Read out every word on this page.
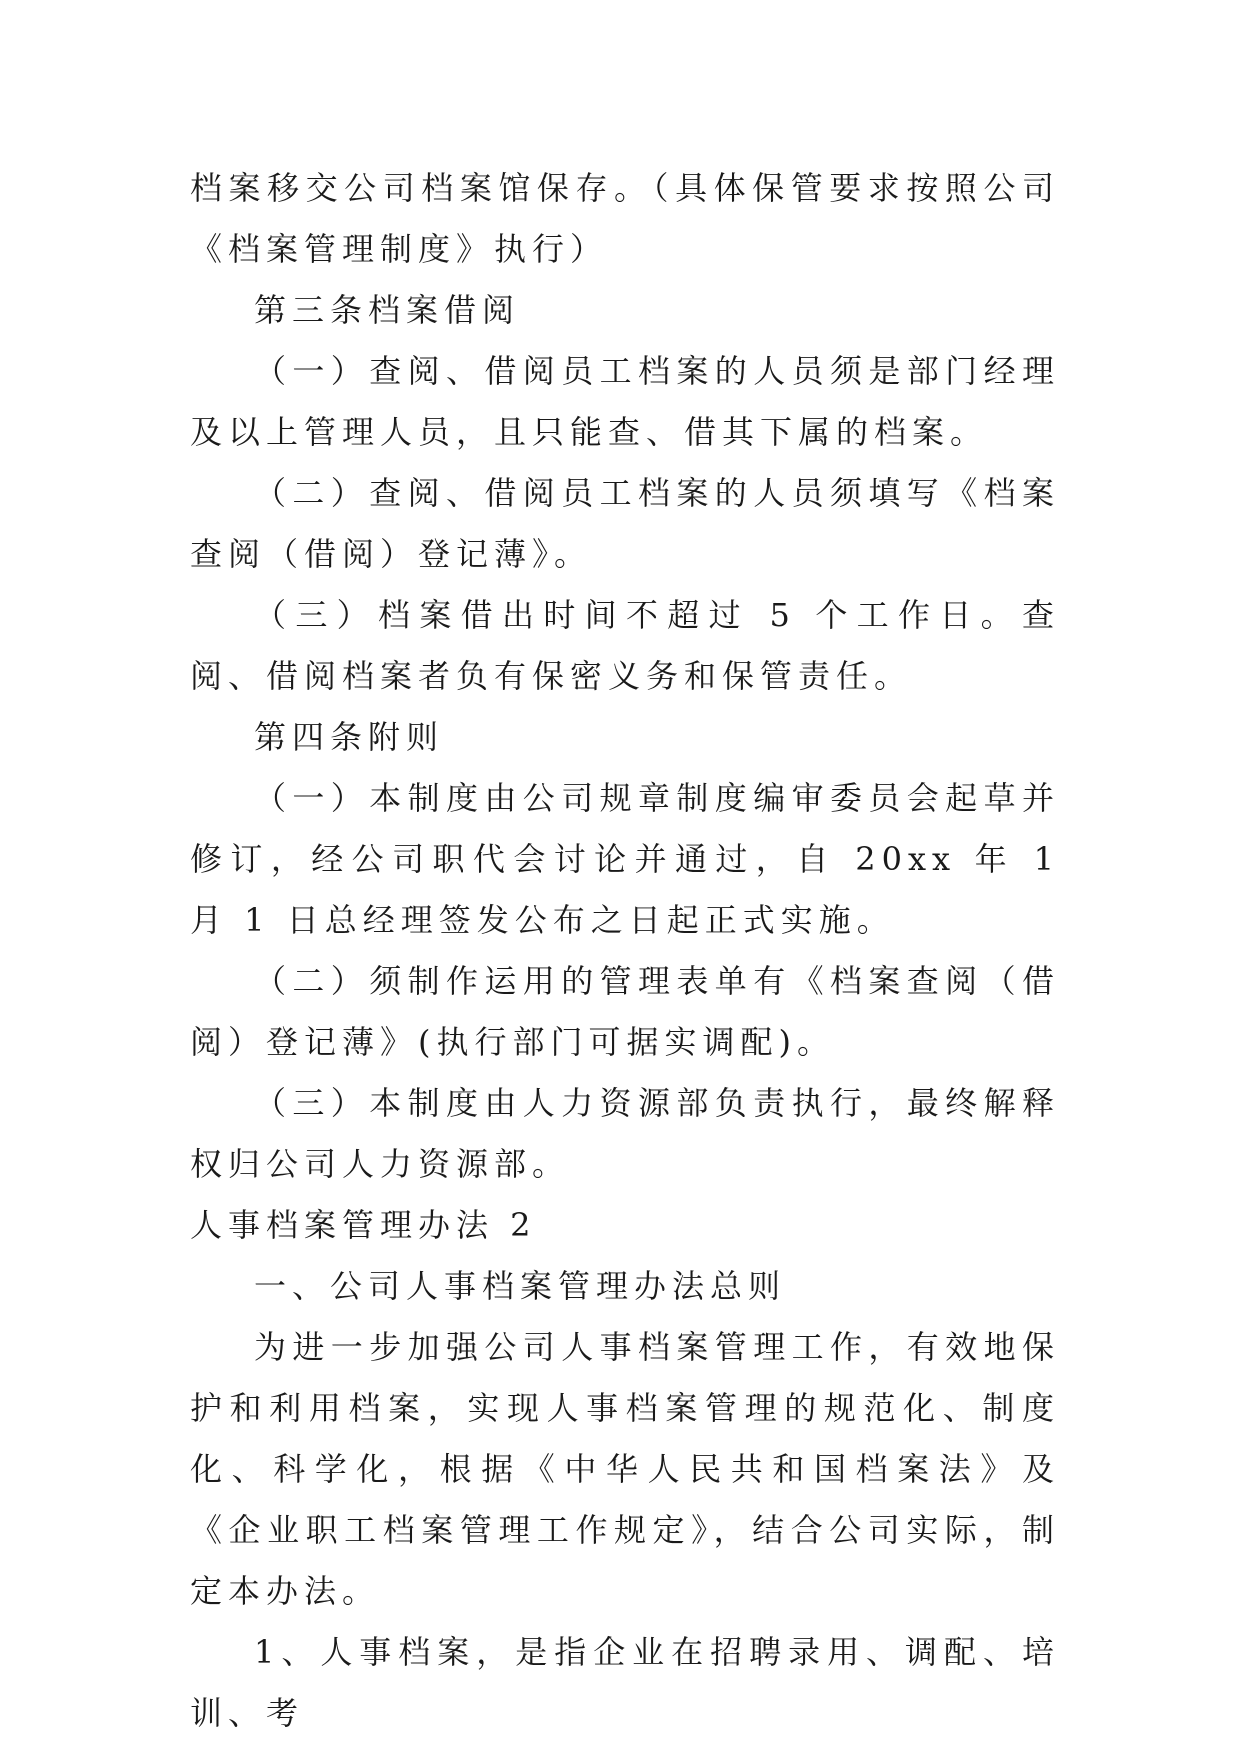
档案移交公司档案馆保存。（具体保管要求按照公司《档案管理制度》执行）

第三条档案借阅

（一）查阅、借阅员工档案的人员须是部门经理及以上管理人员，且只能查、借其下属的档案。

（二）查阅、借阅员工档案的人员须填写《档案查阅（借阅）登记薄》。

（三）档案借出时间不超过 5 个工作日。查阅、借阅档案者负有保密义务和保管责任。

第四条附则

（一）本制度由公司规章制度编审委员会起草并修订，经公司职代会讨论并通过，自 20xx 年 1 月 1 日总经理签发公布之日起正式实施。

（二）须制作运用的管理表单有《档案查阅（借阅）登记薄》(执行部门可据实调配)。

（三）本制度由人力资源部负责执行，最终解释权归公司人力资源部。

人事档案管理办法 2

一、公司人事档案管理办法总则

为进一步加强公司人事档案管理工作，有效地保护和利用档案，实现人事档案管理的规范化、制度化、科学化，根据《中华人民共和国档案法》及《企业职工档案管理工作规定》，结合公司实际，制定本办法。

1、人事档案，是指企业在招聘录用、调配、培训、考
